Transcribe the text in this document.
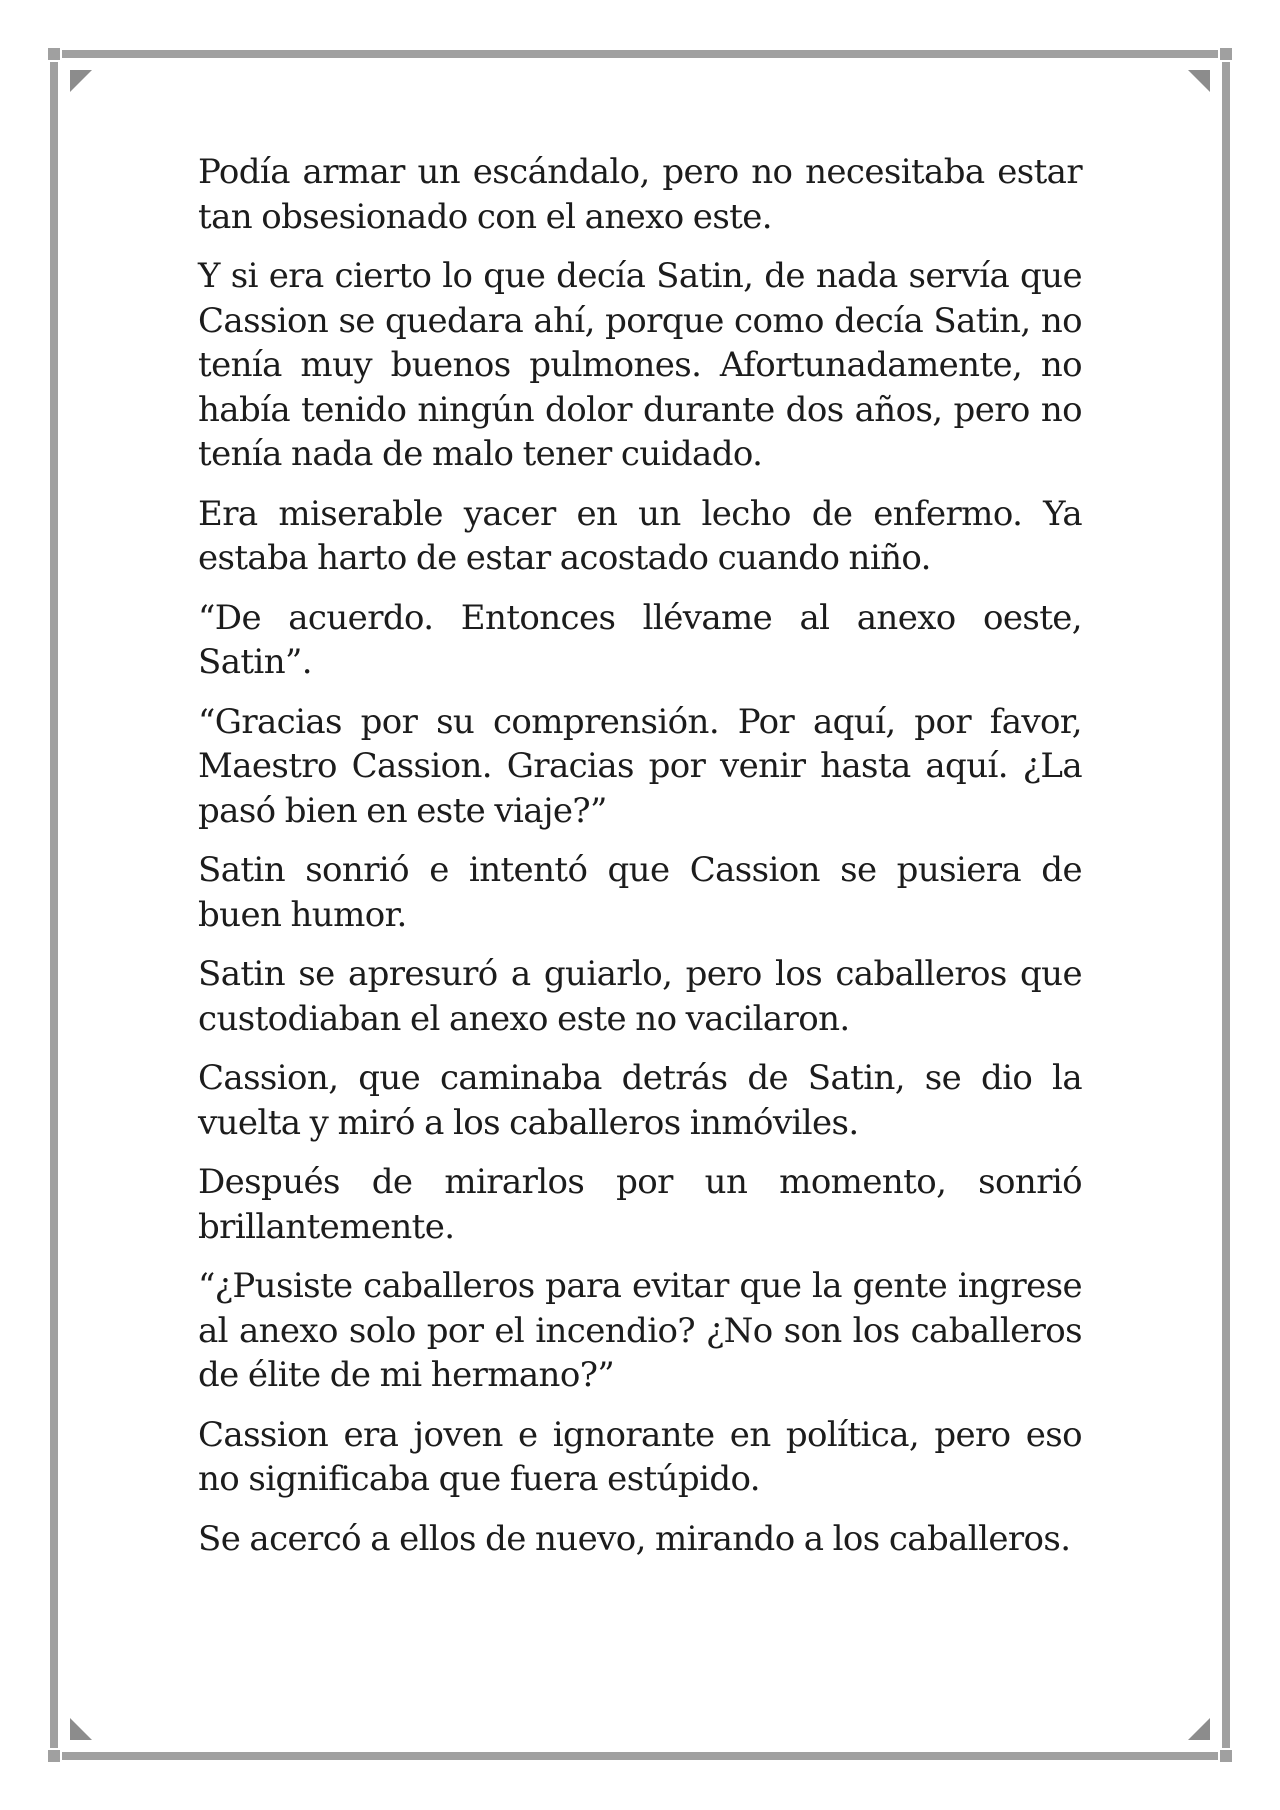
Podía armar un escándalo, pero no necesitaba estar tan obsesionado con el anexo este.

Y si era cierto lo que decía Satin, de nada servía que Cassion se quedara ahí, porque como decía Satin, no tenía muy buenos pulmones. Afortunadamente, no había tenido ningún dolor durante dos años, pero no tenía nada de malo tener cuidado.

Era miserable yacer en un lecho de enfermo. Ya estaba harto de estar acostado cuando niño.

“De acuerdo. Entonces llévame al anexo oeste, Satin”.

“Gracias por su comprensión. Por aquí, por favor, Maestro Cassion. Gracias por venir hasta aquí. ¿La pasó bien en este viaje?”

Satin sonrió e intentó que Cassion se pusiera de buen humor.

Satin se apresuró a guiarlo, pero los caballeros que custodiaban el anexo este no vacilaron.

Cassion, que caminaba detrás de Satin, se dio la vuelta y miró a los caballeros inmóviles.

Después de mirarlos por un momento, sonrió brillantemente.

“¿Pusiste caballeros para evitar que la gente ingrese al anexo solo por el incendio? ¿No son los caballeros de élite de mi hermano?”

Cassion era joven e ignorante en política, pero eso no significaba que fuera estúpido.

Se acercó a ellos de nuevo, mirando a los caballeros.
